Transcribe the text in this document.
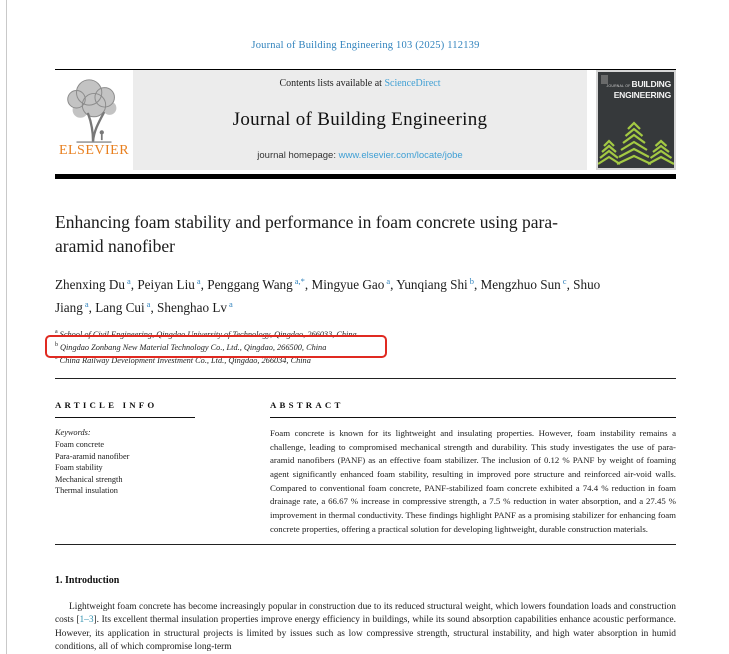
Journal of Building Engineering 103 (2025) 112139
ELSEVIER
Contents lists available at ScienceDirect
Journal of Building Engineering
journal homepage: www.elsevier.com/locate/jobe
JOURNAL OFBUILDING
ENGINEERING
Enhancing foam stability and performance in foam concrete using para-aramid nanofiber
Zhenxing Du $^a$, Peiyan Liu $^a$, Penggang Wang $^{a,*}$, Mingyue Gao $^a$, Yunqiang Shi $^b$, Mengzhuo Sun $^c$, Shuo Jiang $^a$, Lang Cui $^a$, Shenghao Lv $^a$
$^a$ School of Civil Engineering, Qingdao University of Technology, Qingdao, 266033, China
$^b$ Qingdao Zonbang New Material Technology Co., Ltd., Qingdao, 266500, China
$^c$ China Railway Development Investment Co., Ltd., Qingdao, 266034, China
ARTICLE INFO
Keywords:
Foam concrete
Para-aramid nanofiber
Foam stability
Mechanical strength
Thermal insulation
ABSTRACT
Foam concrete is known for its lightweight and insulating properties. However, foam instability remains a challenge, leading to compromised mechanical strength and durability. This study investigates the use of para-aramid nanofibers (PANF) as an effective foam stabilizer. The inclusion of 0.12 % PANF by weight of foaming agent significantly enhanced foam stability, resulting in improved pore structure and reinforced air-void walls. Compared to conventional foam concrete, PANF-stabilized foam concrete exhibited a 74.4 % reduction in foam drainage rate, a 66.67 % increase in compressive strength, a 7.5 % reduction in water absorption, and a 27.45 % improvement in thermal conductivity. These findings highlight PANF as a promising stabilizer for enhancing foam concrete properties, offering a practical solution for developing lightweight, durable construction materials.
1. Introduction
Lightweight foam concrete has become increasingly popular in construction due to its reduced structural weight, which lowers foundation loads and construction costs [1–3]. Its excellent thermal insulation properties improve energy efficiency in buildings, while its sound absorption capabilities enhance acoustic performance. However, its application in structural projects is limited by issues such as low compressive strength, structural instability, and high water absorption in humid conditions, all of which compromise long-term
